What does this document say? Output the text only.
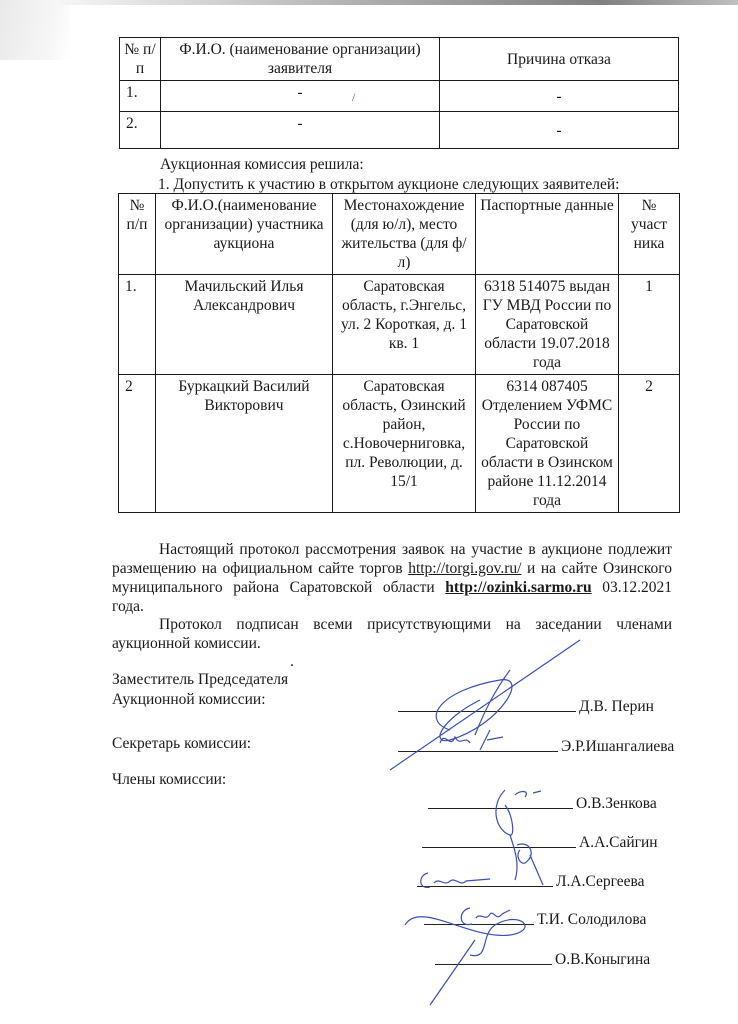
№ п/п	Ф.И.О. (наименование организации) заявителя	Причина отказа
1.	-	-
2.	-	-
/
Аукционная комиссия решила:
1. Допустить к участию в открытом аукционе следующих заявителей:
№ п/п	Ф.И.О.(наименование организации) участника аукциона	Местонахождение (для ю/л), место жительства (для ф/л)	Паспортные данные	№ участ ника
1.	Мачильский Илья Александрович	Саратовская область, г.Энгельс, ул. 2 Короткая, д. 1 кв. 1	6318 514075 выдан ГУ МВД России по Саратовской области 19.07.2018 года	1
2	Буркацкий Василий Викторович	Саратовская область, Озинский район, с.Новочерниговка, пл. Революции, д. 15/1	6314 087405 Отделением УФМС России по Саратовской области в Озинском районе 11.12.2014 года	2
Настоящий протокол рассмотрения заявок на участие в аукционе подлежит размещению на официальном сайте торгов http://torgi.gov.ru/ и на сайте Озинского муниципального района Саратовской области http://ozinki.sarmo.ru 03.12.2021 года.
Протокол подписан всеми присутствующими на заседании членами аукционной комиссии.
.
Заместитель Председателя
Аукционной комиссии:	Д.В. Перин
Секретарь комиссии:	Э.Р.Ишангалиева
Члены комиссии:
О.В.Зенкова
А.А.Сайгин
Л.А.Сергеева
Т.И. Солодилова
О.В.Коныгина
